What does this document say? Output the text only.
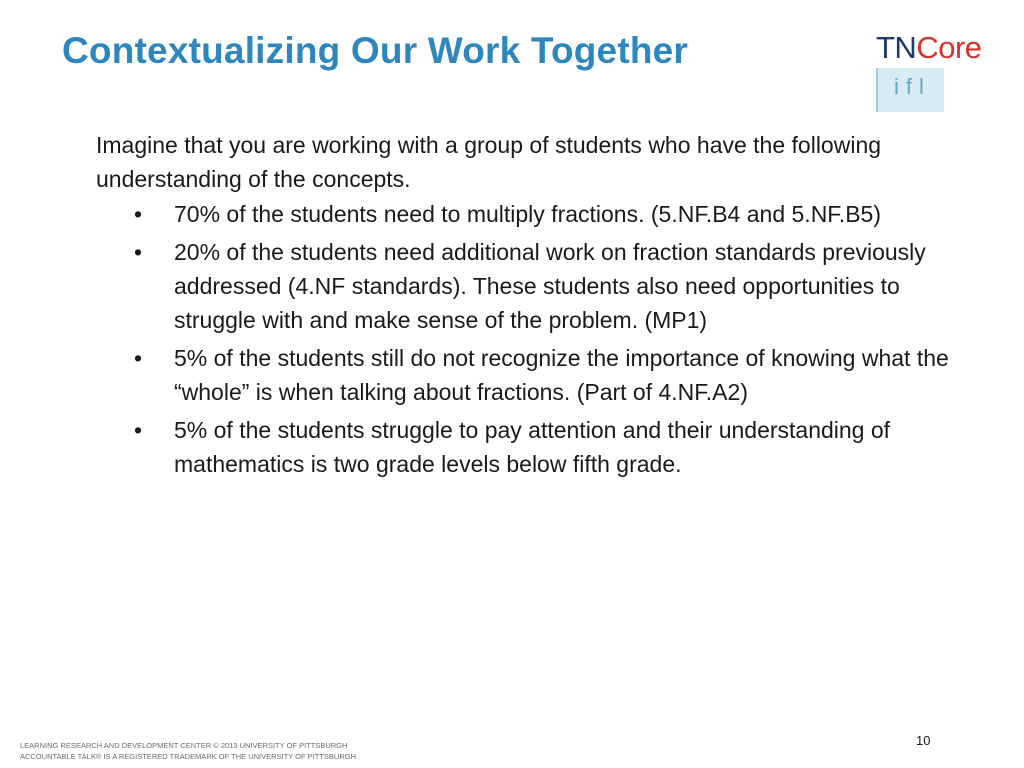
Contextualizing Our Work Together	TNCore
ifl

Imagine that you are working with a group of students who have the following understanding of the concepts.

• 70% of the students need to multiply fractions. (5.NF.B4 and 5.NF.B5)
• 20% of the students need additional work on fraction standards previously addressed (4.NF standards). These students also need opportunities to struggle with and make sense of the problem. (MP1)
• 5% of the students still do not recognize the importance of knowing what the “whole” is when talking about fractions. (Part of 4.NF.A2)
• 5% of the students struggle to pay attention and their understanding of mathematics is two grade levels below fifth grade.
LEARNING RESEARCH AND DEVELOPMENT CENTER © 2013 UNIVERSITY OF PITTSBURGH
ACCOUNTABLE TALK® IS A REGISTERED TRADEMARK OF THE UNIVERSITY OF PITTSBURGH
10
